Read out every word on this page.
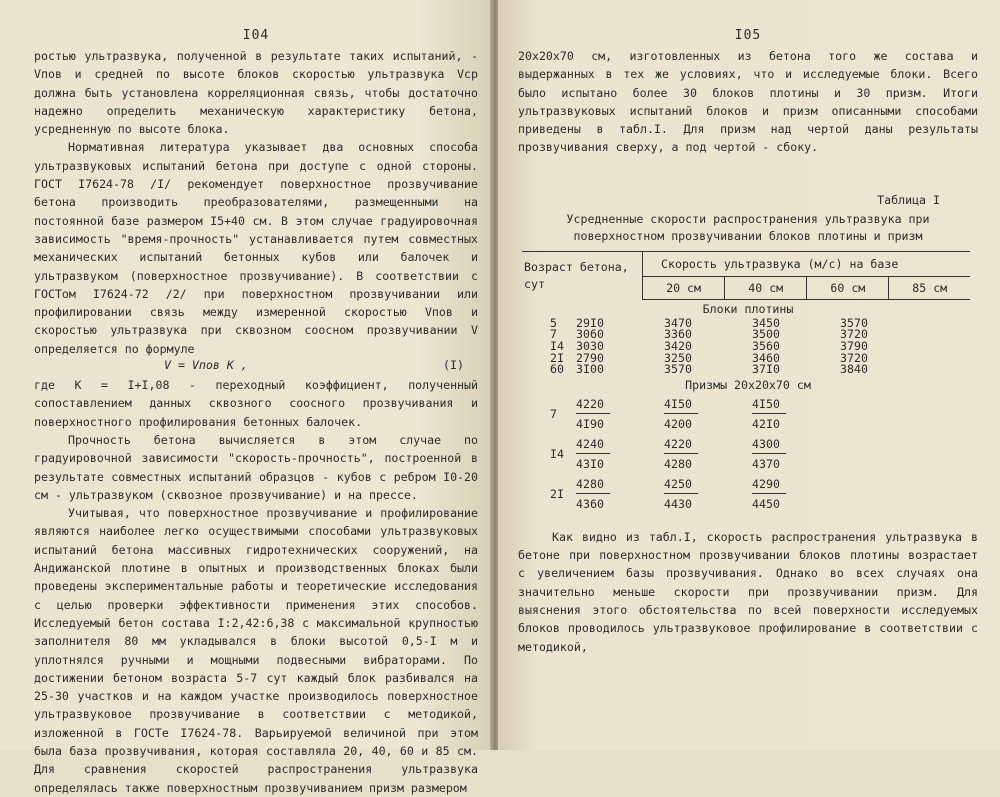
I04

ростью ультразвука, полученной в результате таких испытаний, - Vпов и средней по высоте блоков скоростью ультразвука Vср должна быть установлена корреляционная связь, чтобы достаточно надежно определить механическую характеристику бетона, усредненную по высоте блока.

Нормативная литература указывает два основных способа ультразвуковых испытаний бетона при доступе с одной стороны. ГОСТ I7624-78 /I/ рекомендует поверхностное прозвучивание бетона производить преобразователями, размещенными на постоянной базе размером I5+40 см. В этом случае градуировочная зависимость "время-прочность" устанавливается путем совместных механических испытаний бетонных кубов или балочек и ультразвуком (поверхностное прозвучивание). В соответствии с ГОСТом I7624-72 /2/ при поверхностном прозвучивании или профилировании связь между измеренной скоростью Vпов и скоростью ультразвука при сквозном соосном прозвучивании V определяется по формуле

V = Vпов K ,	(I)

где K = I+I,08 - переходный коэффициент, полученный сопоставлением данных сквозного соосного прозвучивания и поверхностного профилирования бетонных балочек.

Прочность бетона вычисляется в этом случае по градуировочной зависимости "скорость-прочность", построенной в результате совместных испытаний образцов - кубов с ребром I0-20 см - ультразвуком (сквозное прозвучивание) и на прессе.

Учитывая, что поверхностное прозвучивание и профилирование являются наиболее легко осуществимыми способами ультразвуковых испытаний бетона массивных гидротехнических сооружений, на Андижанской плотине в опытных и производственных блоках были проведены экспериментальные работы и теоретические исследования с целью проверки эффективности применения этих способов. Исследуемый бетон состава I:2,42:6,38 с максимальной крупностью заполнителя 80 мм укладывался в блоки высотой 0,5-I м и уплотнялся ручными и мощными подвесными вибраторами. По достижении бетоном возраста 5-7 сут каждый блок разбивался на 25-30 участков и на каждом участке производилось поверхностное ультразвуковое прозвучивание в соответствии с методикой, изложенной в ГОСТе I7624-78. Варьируемой величиной при этом была база прозвучивания, которая составляла 20, 40, 60 и 85 см. Для сравнения скоростей распространения ультразвука определялась также поверхностным прозвучиванием призм размером

I05

20x20x70 см, изготовленных из бетона того же состава и выдержанных в тех же условиях, что и исследуемые блоки. Всего было испытано более 30 блоков плотины и 30 призм. Итоги ультразвуковых испытаний блоков и призм описанными способами приведены в табл.I. Для призм над чертой даны результаты прозвучивания сверху, а под чертой - сбоку.

Таблица I
Усредненные скорости распространения ультразвука при
поверхностном прозвучивании блоков плотины и призм
Возраст бетона, сут	Скорость ультразвука (м/с) на базе			
	20 см	40 см	60 см	85 см
Блоки плотины
5	29I0	3470	3450	3570
7	3060	3360	3500	3720
I4	3030	3420	3560	3790
2I	2790	3250	3460	3720
60	3I00	3570	37I0	3840
Призмы 20x20x70 см
7	$\frac{4220}{4I90} \frac{4I50}{4200} \frac{4I50}{42I0}$
I4	$\frac{4240}{43I0} \frac{4220}{4280} \frac{4300}{4370}$
2I	$\frac{4280}{4360} \frac{4250}{4430} \frac{4290}{4450}$

Как видно из табл.I, скорость распространения ультразвука в бетоне при поверхностном прозвучивании блоков плотины возрастает с увеличением базы прозвучивания. Однако во всех случаях она значительно меньше скорости при прозвучивании призм. Для выяснения этого обстоятельства по всей поверхности исследуемых блоков проводилось ультразвуковое профилирование в соответствии с методикой,
